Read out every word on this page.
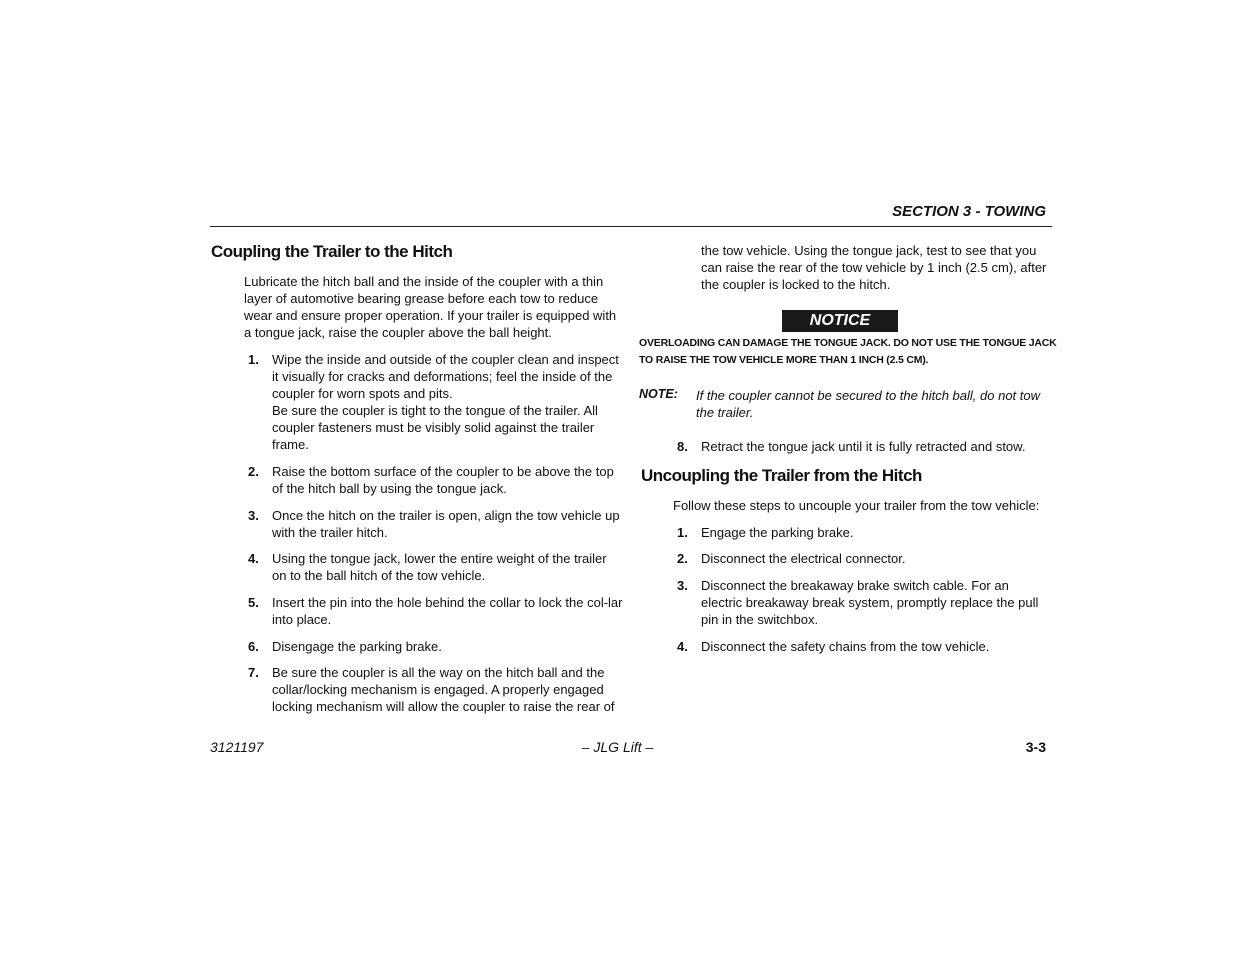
SECTION 3 - TOWING
Coupling the Trailer to the Hitch
Lubricate the hitch ball and the inside of the coupler with a thin layer of automotive bearing grease before each tow to reduce wear and ensure proper operation. If your trailer is equipped with a tongue jack, raise the coupler above the ball height.
1. Wipe the inside and outside of the coupler clean and inspect it visually for cracks and deformations; feel the inside of the coupler for worn spots and pits.
Be sure the coupler is tight to the tongue of the trailer. All coupler fasteners must be visibly solid against the trailer frame.
2. Raise the bottom surface of the coupler to be above the top of the hitch ball by using the tongue jack.
3. Once the hitch on the trailer is open, align the tow vehicle up with the trailer hitch.
4. Using the tongue jack, lower the entire weight of the trailer on to the ball hitch of the tow vehicle.
5. Insert the pin into the hole behind the collar to lock the col-lar into place.
6. Disengage the parking brake.
7. Be sure the coupler is all the way on the hitch ball and the collar/locking mechanism is engaged. A properly engaged locking mechanism will allow the coupler to raise the rear of
the tow vehicle. Using the tongue jack, test to see that you can raise the rear of the tow vehicle by 1 inch (2.5 cm), after the coupler is locked to the hitch.
NOTICE
OVERLOADING CAN DAMAGE THE TONGUE JACK. DO NOT USE THE TONGUE JACK TO RAISE THE TOW VEHICLE MORE THAN 1 INCH (2.5 CM).
NOTE: If the coupler cannot be secured to the hitch ball, do not tow the trailer.
8. Retract the tongue jack until it is fully retracted and stow.
Uncoupling the Trailer from the Hitch
Follow these steps to uncouple your trailer from the tow vehicle:
1. Engage the parking brake.
2. Disconnect the electrical connector.
3. Disconnect the breakaway brake switch cable. For an electric breakaway break system, promptly replace the pull pin in the switchbox.
4. Disconnect the safety chains from the tow vehicle.
3121197	– JLG Lift –	3-3
